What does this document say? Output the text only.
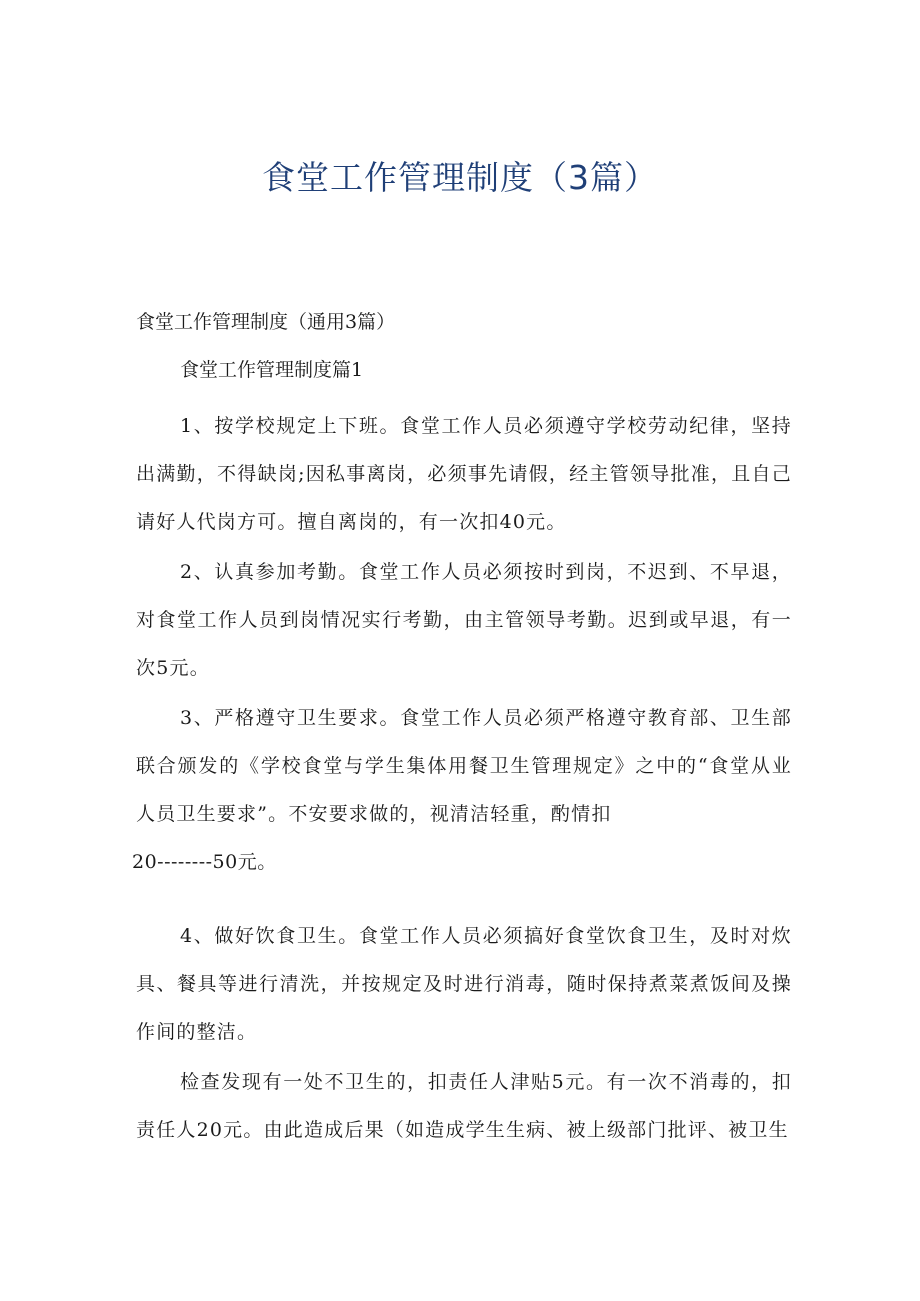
食堂工作管理制度（3篇）

食堂工作管理制度（通用3篇）

食堂工作管理制度篇1

1、按学校规定上下班。食堂工作人员必须遵守学校劳动纪律，坚持出满勤，不得缺岗;因私事离岗，必须事先请假，经主管领导批准，且自己请好人代岗方可。擅自离岗的，有一次扣40元。

2、认真参加考勤。食堂工作人员必须按时到岗，不迟到、不早退，对食堂工作人员到岗情况实行考勤，由主管领导考勤。迟到或早退，有一次5元。

3、严格遵守卫生要求。食堂工作人员必须严格遵守教育部、卫生部联合颁发的《学校食堂与学生集体用餐卫生管理规定》之中的“食堂从业人员卫生要求”。不安要求做的，视清洁轻重，酌情扣

20--------50元。

4、做好饮食卫生。食堂工作人员必须搞好食堂饮食卫生，及时对炊具、餐具等进行清洗，并按规定及时进行消毒，随时保持煮菜煮饭间及操作间的整洁。

检查发现有一处不卫生的，扣责任人津贴5元。有一次不消毒的，扣责任人20元。由此造成后果（如造成学生生病、被上级部门批评、被卫生
